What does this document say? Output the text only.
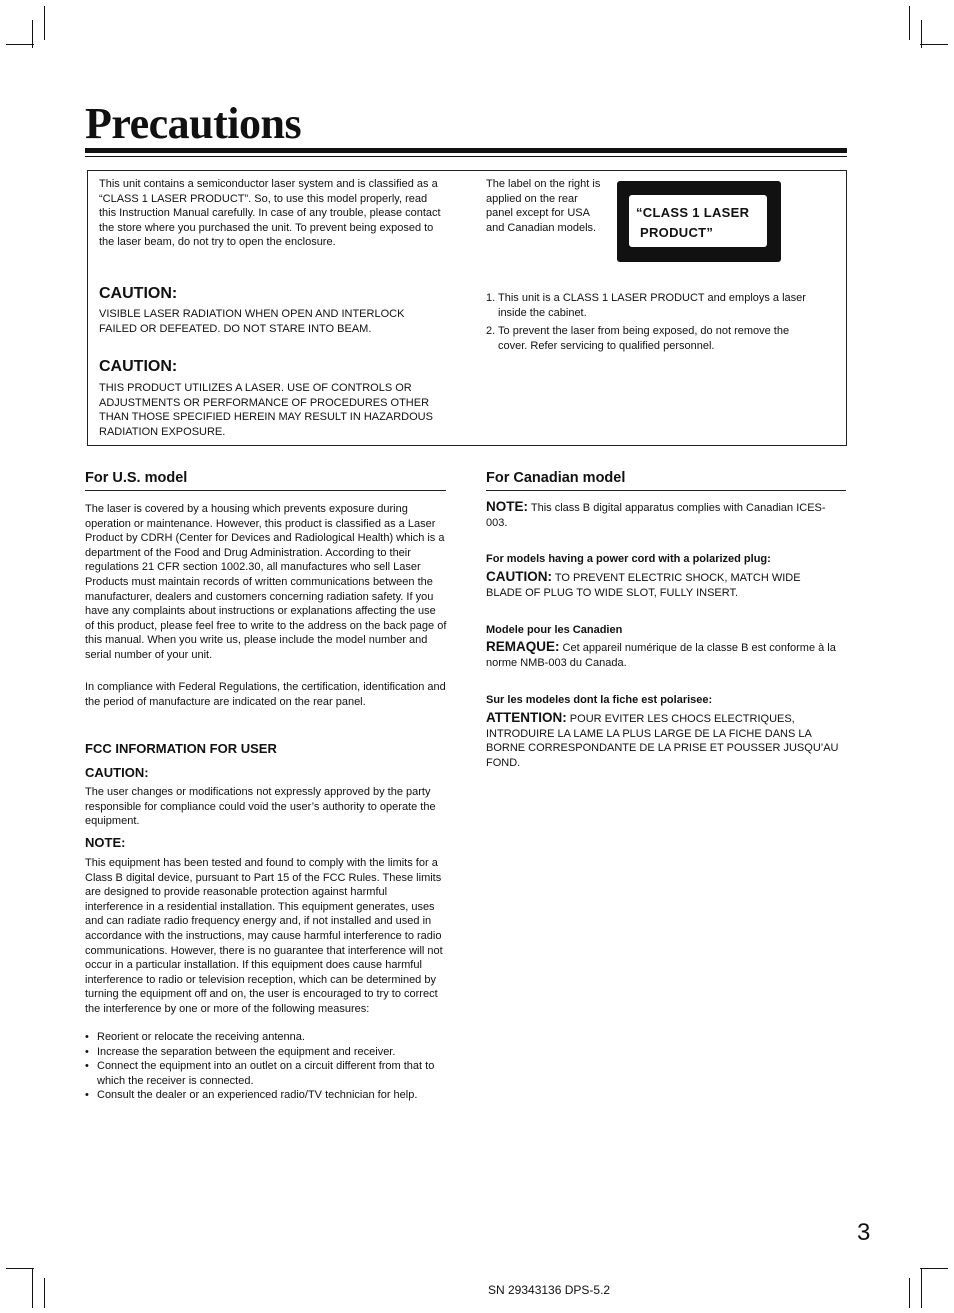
Precautions

This unit contains a semiconductor laser system and is classified as a “CLASS 1 LASER PRODUCT”. So, to use this model properly, read this Instruction Manual carefully. In case of any trouble, please contact the store where you purchased the unit. To prevent being exposed to the laser beam, do not try to open the enclosure.

CAUTION:

VISIBLE LASER RADIATION WHEN OPEN AND INTERLOCK FAILED OR DEFEATED. DO NOT STARE INTO BEAM.

CAUTION:

THIS PRODUCT UTILIZES A LASER. USE OF CONTROLS OR ADJUSTMENTS OR PERFORMANCE OF PROCEDURES OTHER THAN THOSE SPECIFIED HEREIN MAY RESULT IN HAZARDOUS RADIATION EXPOSURE.

The label on the right is applied on the rear panel except for USA and Canadian models.

“CLASS 1 LASER
PRODUCT”
1. This unit is a CLASS 1 LASER PRODUCT and employs a laser inside the cabinet.
2. To prevent the laser from being exposed, do not remove the cover. Refer servicing to qualified personnel.
For U.S. model

The laser is covered by a housing which prevents exposure during operation or maintenance. However, this product is classified as a Laser Product by CDRH (Center for Devices and Radiological Health) which is a department of the Food and Drug Administration. According to their regulations 21 CFR section 1002.30, all manufactures who sell Laser Products must maintain records of written communications between the manufacturer, dealers and customers concerning radiation safety. If you have any complaints about instructions or explanations affecting the use of this product, please feel free to write to the address on the back page of this manual. When you write us, please include the model number and serial number of your unit.

In compliance with Federal Regulations, the certification, identification and the period of manufacture are indicated on the rear panel.

FCC INFORMATION FOR USER

CAUTION:

The user changes or modifications not expressly approved by the party responsible for compliance could void the user’s authority to operate the equipment.

NOTE:

This equipment has been tested and found to comply with the limits for a Class B digital device, pursuant to Part 15 of the FCC Rules. These limits are designed to provide reasonable protection against harmful interference in a residential installation. This equipment generates, uses and can radiate radio frequency energy and, if not installed and used in accordance with the instructions, may cause harmful interference to radio communications. However, there is no guarantee that interference will not occur in a particular installation. If this equipment does cause harmful interference to radio or television reception, which can be determined by turning the equipment off and on, the user is encouraged to try to correct the interference by one or more of the following measures:

• Reorient or relocate the receiving antenna.
• Increase the separation between the equipment and receiver.
• Connect the equipment into an outlet on a circuit different from that to which the receiver is connected.
• Consult the dealer or an experienced radio/TV technician for help.
For Canadian model

NOTE: This class B digital apparatus complies with Canadian ICES-003.

For models having a power cord with a polarized plug:

CAUTION: TO PREVENT ELECTRIC SHOCK, MATCH WIDE BLADE OF PLUG TO WIDE SLOT, FULLY INSERT.

Modele pour les Canadien

REMAQUE: Cet appareil numérique de la classe B est conforme à la norme NMB-003 du Canada.

Sur les modeles dont la fiche est polarisee:

ATTENTION: POUR EVITER LES CHOCS ELECTRIQUES, INTRODUIRE LA LAME LA PLUS LARGE DE LA FICHE DANS LA BORNE CORRESPONDANTE DE LA PRISE ET POUSSER JUSQU’AU FOND.

3
SN 29343136 DPS-5.2
